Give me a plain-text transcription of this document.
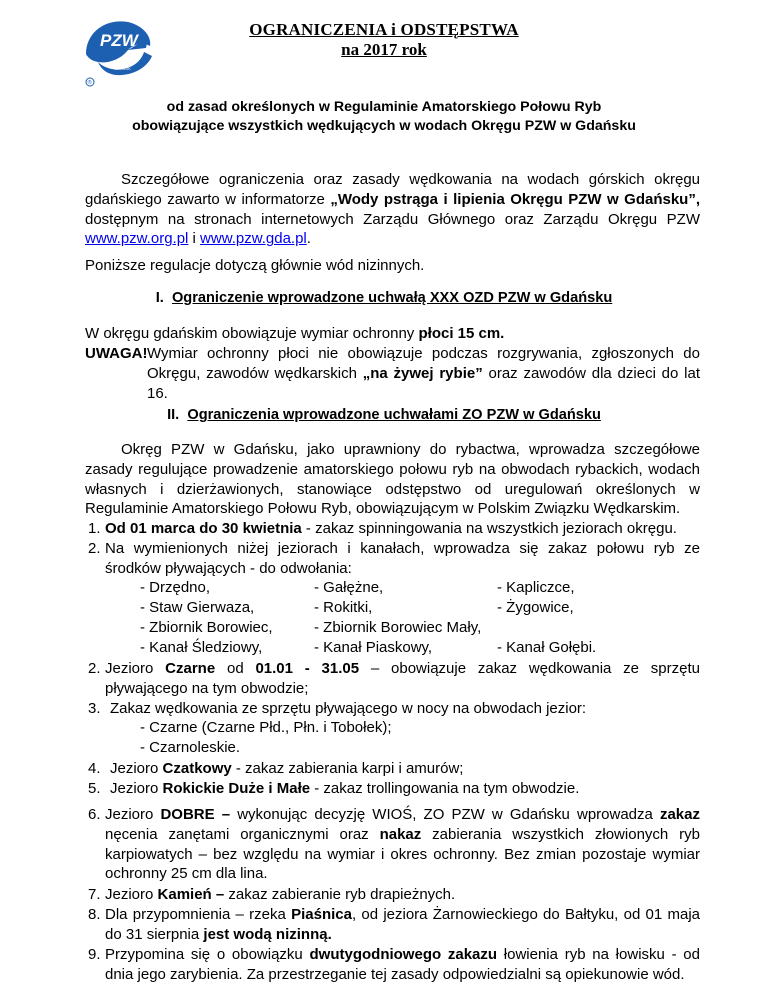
PZW
GDAŃSK
®
OGRANICZENIA i ODSTĘPSTWA
na 2017 rok
od zasad określonych w Regulaminie Amatorskiego Połowu Ryb
obowiązujące wszystkich wędkujących w wodach Okręgu PZW w Gdańsku
Szczegółowe ograniczenia oraz zasady wędkowania na wodach górskich okręgu gdańskiego zawarto w informatorze „Wody pstrąga i lipienia Okręgu PZW w Gdańsku”, dostępnym na stronach internetowych Zarządu Głównego oraz Zarządu Okręgu PZW www.pzw.org.pl i www.pzw.gda.pl.
Poniższe regulacje dotyczą głównie wód nizinnych.
I. Ograniczenie wprowadzone uchwałą XXX OZD PZW w Gdańsku
W okręgu gdańskim obowiązuje wymiar ochronny płoci 15 cm.
UWAGA! Wymiar ochronny płoci nie obowiązuje podczas rozgrywania, zgłoszonych do Okręgu, zawodów wędkarskich „na żywej rybie” oraz zawodów dla dzieci do lat 16.
II. Ograniczenia wprowadzone uchwałami ZO PZW w Gdańsku
Okręg PZW w Gdańsku, jako uprawniony do rybactwa, wprowadza szczegółowe zasady regulujące prowadzenie amatorskiego połowu ryb na obwodach rybackich, wodach własnych i dzierżawionych, stanowiące odstępstwo od uregulowań określonych w Regulaminie Amatorskiego Połowu Ryb, obowiązującym w Polskim Związku Wędkarskim.
1. Od 01 marca do 30 kwietnia - zakaz spinningowania na wszystkich jeziorach okręgu.
2. Na wymienionych niżej jeziorach i kanałach, wprowadza się zakaz połowu ryb ze środków pływających - do odwołania:
- Drzędno,	- Gałężne,	- Kapliczce,
- Staw Gierwaza,	- Rokitki,	- Żygowice,
- Zbiornik Borowiec,	- Zbiornik Borowiec Mały,
- Kanał Śledziowy,	- Kanał Piaskowy,	- Kanał Gołębi.
2. Jezioro Czarne od 01.01 - 31.05 – obowiązuje zakaz wędkowania ze sprzętu pływającego na tym obwodzie;
3. Zakaz wędkowania ze sprzętu pływającego w nocy na obwodach jezior:
- Czarne (Czarne Płd., Płn. i Tobołek);
- Czarnoleskie.
4. Jezioro Czatkowy - zakaz zabierania karpi i amurów;
5. Jezioro Rokickie Duże i Małe - zakaz trollingowania na tym obwodzie.
6. Jezioro DOBRE – wykonując decyzję WIOŚ, ZO PZW w Gdańsku wprowadza zakaz nęcenia zanętami organicznymi oraz nakaz zabierania wszystkich złowionych ryb karpiowatych – bez względu na wymiar i okres ochronny. Bez zmian pozostaje wymiar ochronny 25 cm dla lina.
7. Jezioro Kamień – zakaz zabieranie ryb drapieżnych.
8. Dla przypomnienia – rzeka Piaśnica, od jeziora Żarnowieckiego do Bałtyku, od 01 maja do 31 sierpnia jest wodą nizinną.
9. Przypomina się o obowiązku dwutygodniowego zakazu łowienia ryb na łowisku - od dnia jego zarybienia. Za przestrzeganie tej zasady odpowiedzialni są opiekunowie wód.
